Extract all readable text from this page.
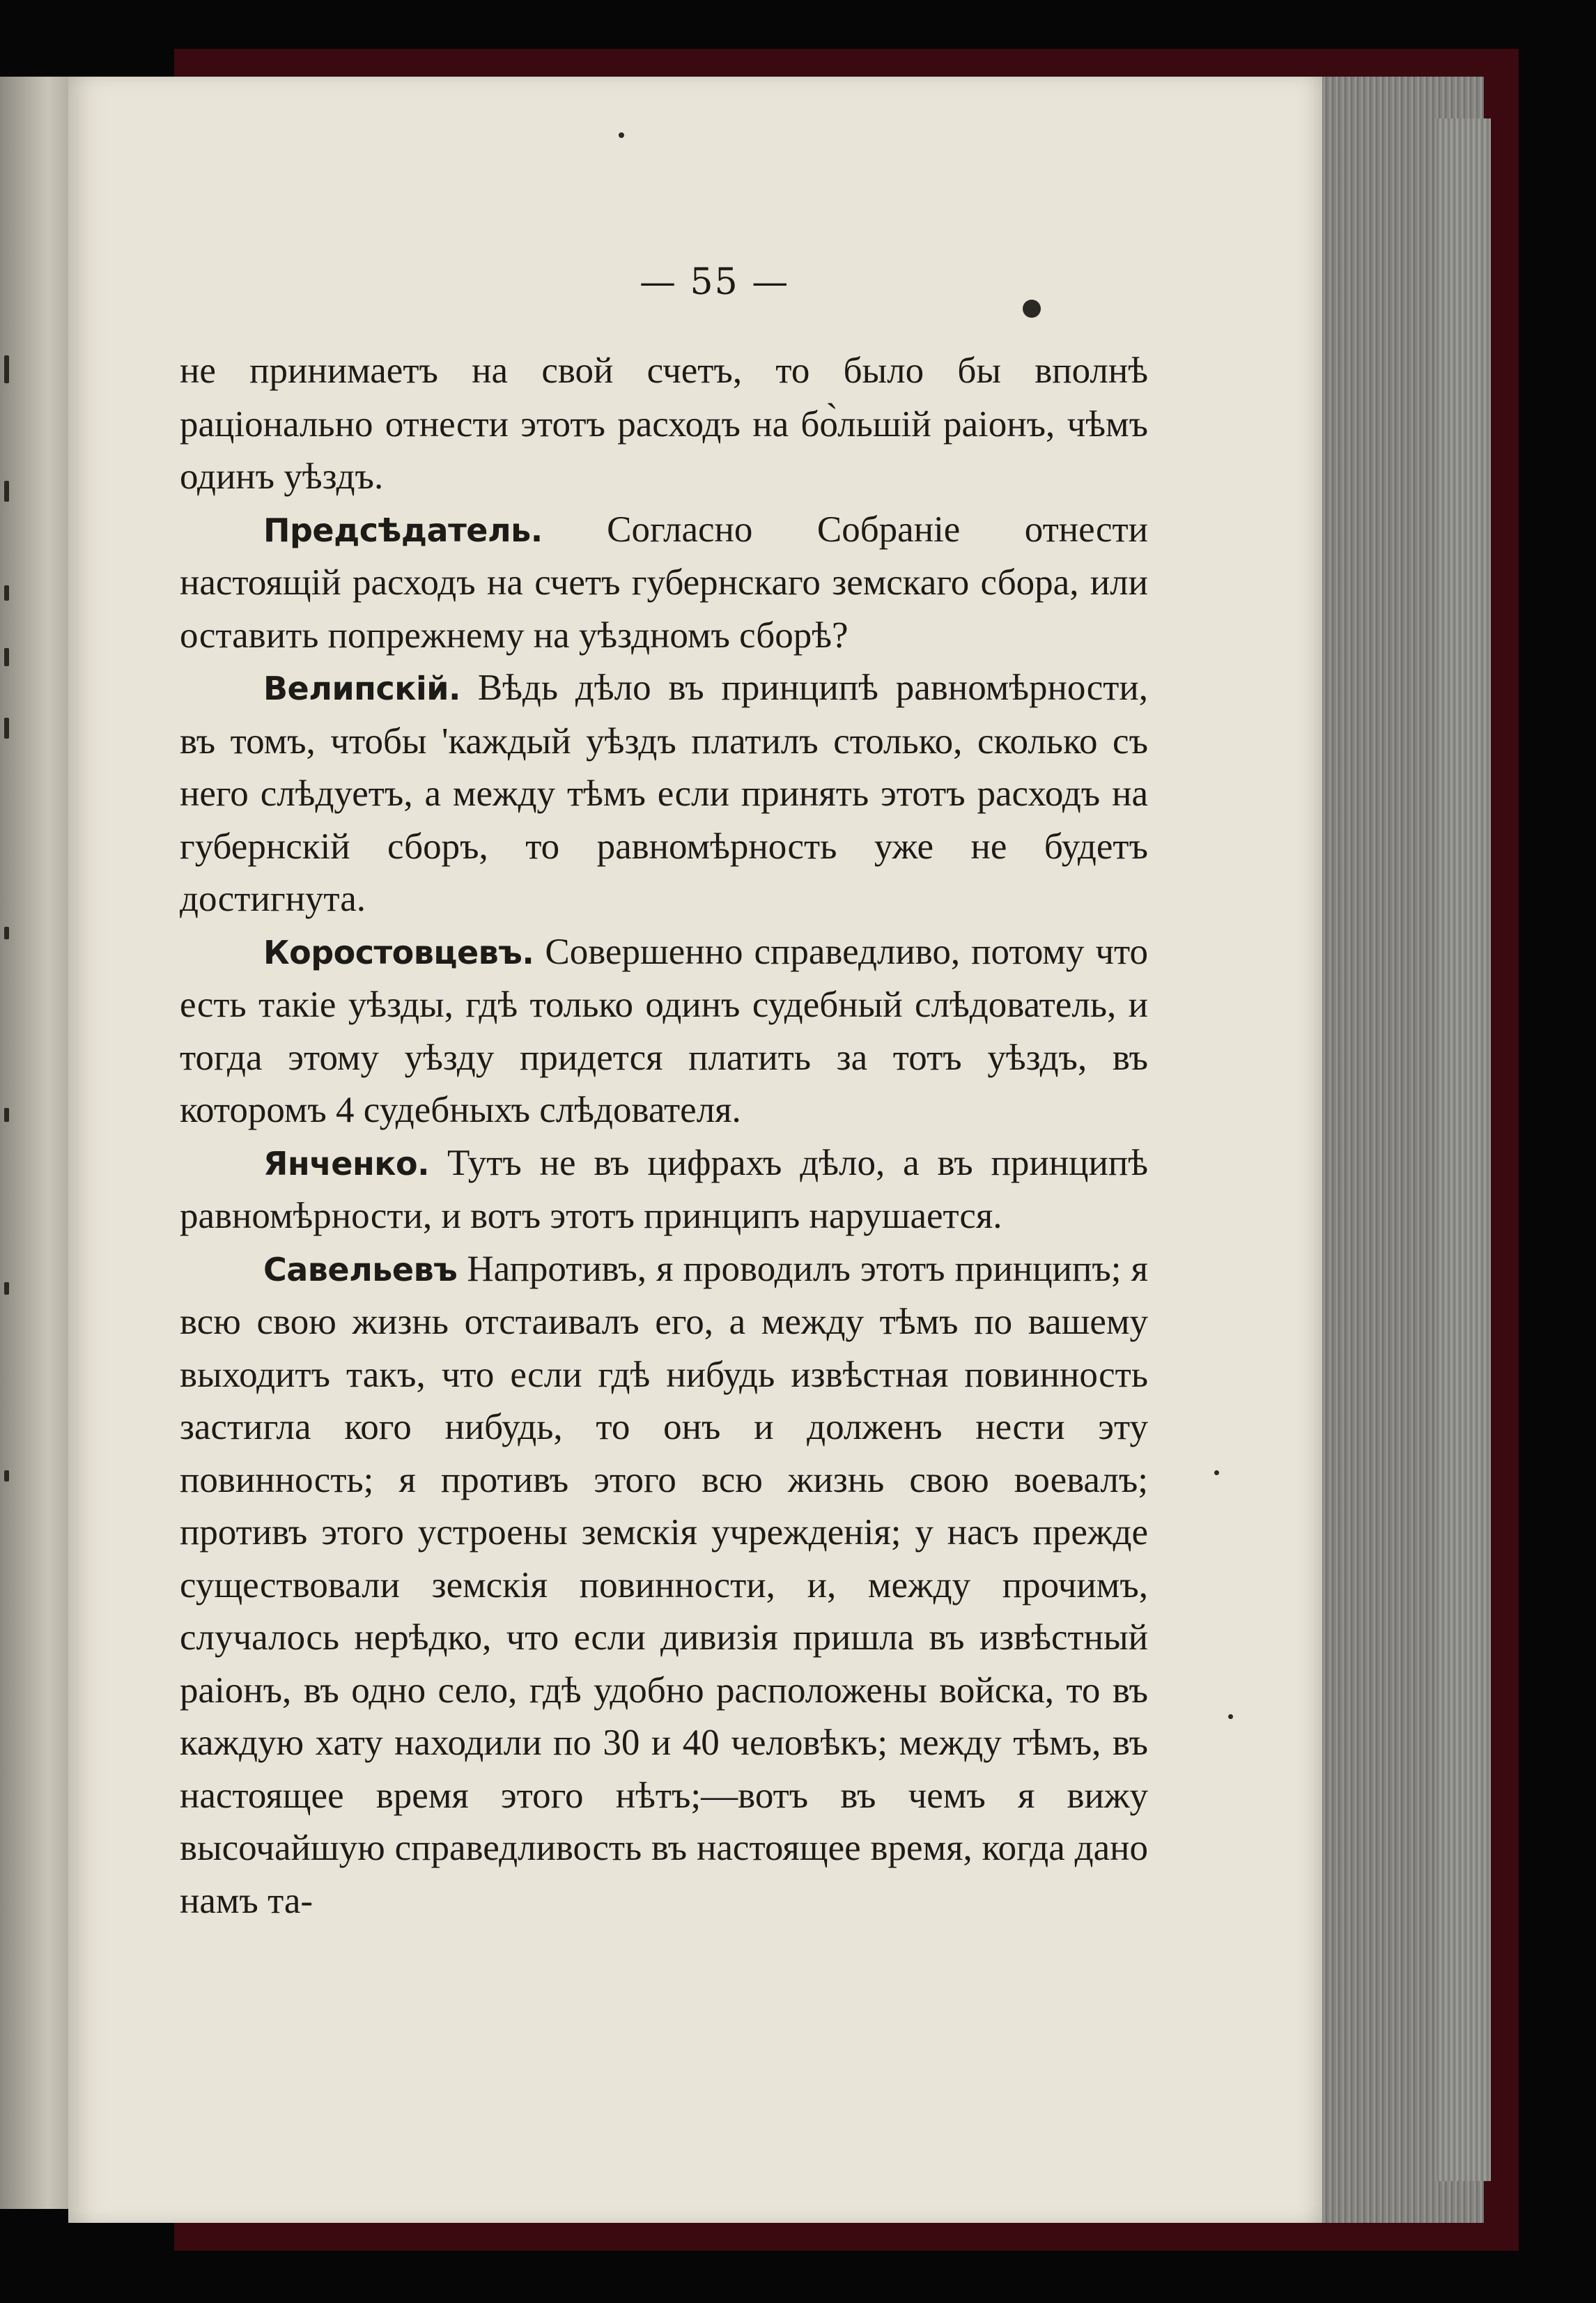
— 55 —

не принимаетъ на свой счетъ, то было бы вполнѣ раціонально отнести этотъ расходъ на бо̀льшій раіонъ, чѣмъ одинъ уѣздъ.

Предсѣдатель. Согласно Собраніе отнести настоящій расходъ на счетъ губернскаго земскаго сбора, или оставить попрежнему на уѣздномъ сборѣ?

Велипскій. Вѣдь дѣло въ принципѣ равномѣрности, въ томъ, чтобы 'каждый уѣздъ платилъ столько, сколько съ него слѣдуетъ, а между тѣмъ если принять этотъ расходъ на губернскій сборъ, то равномѣрность уже не будетъ достигнута.

Коростовцевъ. Совершенно справедливо, потому что есть такіе уѣзды, гдѣ только одинъ судебный слѣдователь, и тогда этому уѣзду придется платить за тотъ уѣздъ, въ которомъ 4 судебныхъ слѣдователя.

Янченко. Тутъ не въ цифрахъ дѣло, а въ принципѣ равномѣрности, и вотъ этотъ принципъ нарушается.

Савельевъ Напротивъ, я проводилъ этотъ принципъ; я всю свою жизнь отстаивалъ его, а между тѣмъ по вашему выходитъ такъ, что если гдѣ нибудь извѣстная повинность застигла кого нибудь, то онъ и долженъ нести эту повинность; я противъ этого всю жизнь свою воевалъ; противъ этого устроены земскія учрежденія; у насъ прежде существовали земскія повинности, и, между прочимъ, случалось нерѣдко, что если дивизія пришла въ извѣстный раіонъ, въ одно село, гдѣ удобно расположены войска, то въ каждую хату находили по 30 и 40 человѣкъ; между тѣмъ, въ настоящее время этого нѣтъ;—вотъ въ чемъ я вижу высочайшую справедливость въ настоящее время, когда дано намъ та-
